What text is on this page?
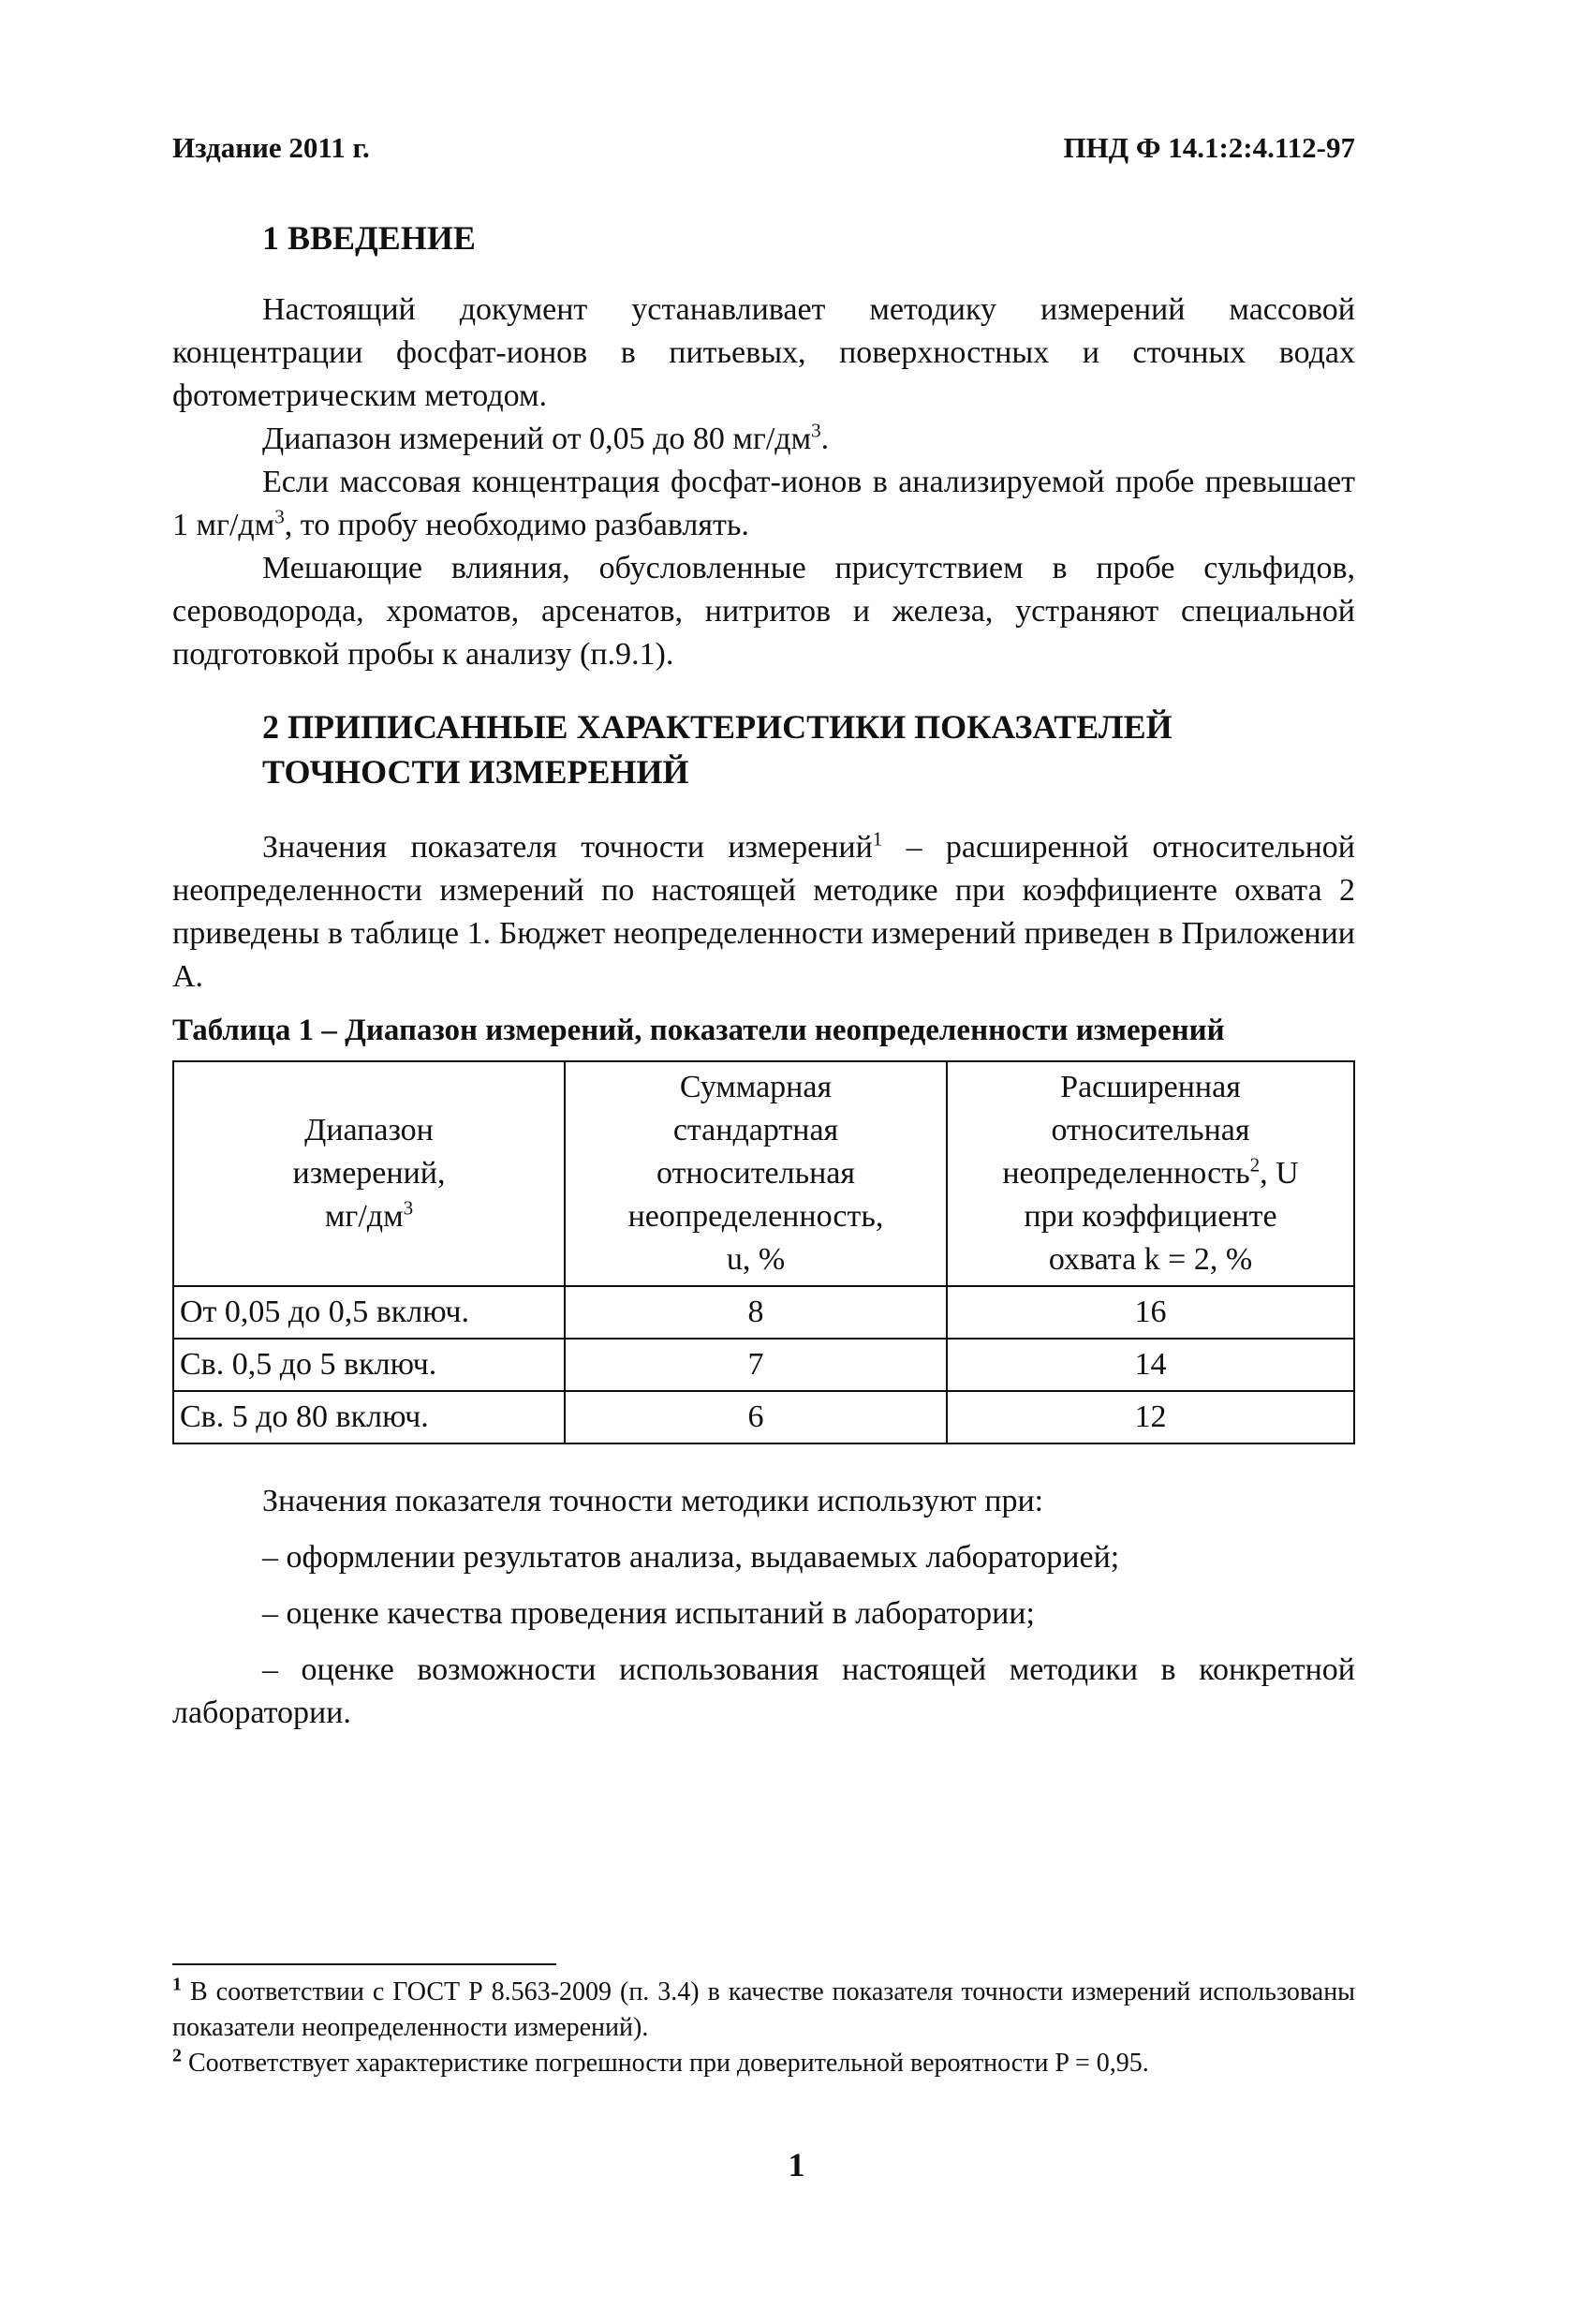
Издание 2011 г.	ПНД Ф 14.1:2:4.112-97
1 ВВЕДЕНИЕ

Настоящий документ устанавливает методику измерений массовой концентрации фосфат-ионов в питьевых, поверхностных и сточных водах фотометрическим методом.

Диапазон измерений от 0,05 до 80 $мг/дм^3$.

Если массовая концентрация фосфат-ионов в анализируемой пробе превышает 1 $мг/дм^3$, то пробу необходимо разбавлять.

Мешающие влияния, обусловленные присутствием в пробе сульфидов, сероводорода, хроматов, арсенатов, нитритов и железа, устраняют специальной подготовкой пробы к анализу (п.9.1).

2 ПРИПИСАННЫЕ ХАРАКТЕРИСТИКИ ПОКАЗАТЕЛЕЙ
ТОЧНОСТИ ИЗМЕРЕНИЙ

Значения показателя точности измерений$^1$ – расширенной относительной неопределенности измерений по настоящей методике при коэффициенте охвата 2 приведены в таблице 1. Бюджет неопределенности измерений приведен в Приложении А.

Таблица 1 – Диапазон измерений, показатели неопределенности измерений

Диапазон
измерений,
$мг/дм^3$	Суммарная
стандартная
относительная
неопределенность,
u, %	Расширенная
относительная
неопределенность$^2$, U
при коэффициенте
охвата k = 2, %

От 0,05 до 0,5 включ.	8	16
Св. 0,5 до 5 включ.	7	14
Св. 5 до 80 включ.	6	12

Значения показателя точности методики используют при:

– оформлении результатов анализа, выдаваемых лабораторией;

– оценке качества проведения испытаний в лаборатории;

– оценке возможности использования настоящей методики в конкретной лаборатории.

$^1$ В соответствии с ГОСТ Р 8.563-2009 (п. 3.4) в качестве показателя точности измерений использованы показатели неопределенности измерений).

$^2$ Соответствует характеристике погрешности при доверительной вероятности P = 0,95.

1
